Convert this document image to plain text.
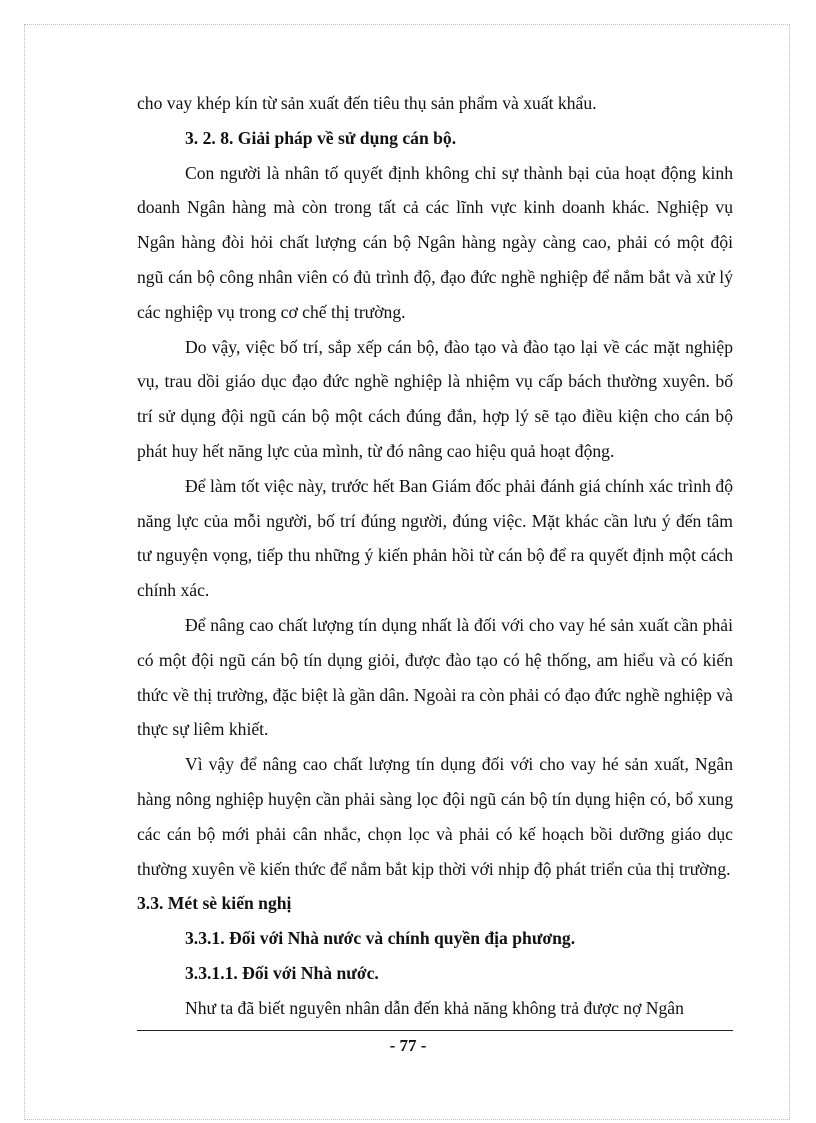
cho vay khép kín từ sản xuất đến tiêu thụ sản phẩm và xuất khẩu.

3. 2. 8. Giải pháp về sử dụng cán bộ.

Con người là nhân tố quyết định không chỉ sự thành bại của hoạt động kinh doanh Ngân hàng mà còn trong tất cả các lĩnh vực kinh doanh khác. Nghiệp vụ Ngân hàng đòi hỏi chất lượng cán bộ Ngân hàng ngày càng cao, phải có một đội ngũ cán bộ công nhân viên có đủ trình độ, đạo đức nghề nghiệp để nắm bắt và xử lý các nghiệp vụ trong cơ chế thị trường.

Do vậy, việc bố trí, sắp xếp cán bộ, đào tạo và đào tạo lại về các mặt nghiệp vụ, trau dồi giáo dục đạo đức nghề nghiệp là nhiệm vụ cấp bách thường xuyên. bố trí sử dụng đội ngũ cán bộ một cách đúng đắn, hợp lý sẽ tạo điều kiện cho cán bộ phát huy hết năng lực của mình, từ đó nâng cao hiệu quả hoạt động.

Để làm tốt việc này, trước hết Ban Giám đốc phải đánh giá chính xác trình độ năng lực của mỗi người, bố trí đúng người, đúng việc. Mặt khác cần lưu ý đến tâm tư nguyện vọng, tiếp thu những ý kiến phản hồi từ cán bộ để ra quyết định một cách chính xác.

Để nâng cao chất lượng tín dụng nhất là đối với cho vay hé sản xuất cần phải có một đội ngũ cán bộ tín dụng giỏi, được đào tạo có hệ thống, am hiểu và có kiến thức về thị trường, đặc biệt là gần dân. Ngoài ra còn phải có đạo đức nghề nghiệp và thực sự liêm khiết.

Vì vậy để nâng cao chất lượng tín dụng đối với cho vay hé sản xuất, Ngân hàng nông nghiệp huyện cần phải sàng lọc đội ngũ cán bộ tín dụng hiện có, bổ xung các cán bộ mới phải cân nhắc, chọn lọc và phải có kế hoạch bồi dưỡng giáo dục thường xuyên về kiến thức để nắm bắt kịp thời với nhịp độ phát triển của thị trường.

3.3. Mét sè kiến nghị

3.3.1. Đối với Nhà nước và chính quyền địa phương.

3.3.1.1. Đối với Nhà nước.

Như ta đã biết nguyên nhân dẫn đến khả năng không trả được nợ Ngân

- 77 -
